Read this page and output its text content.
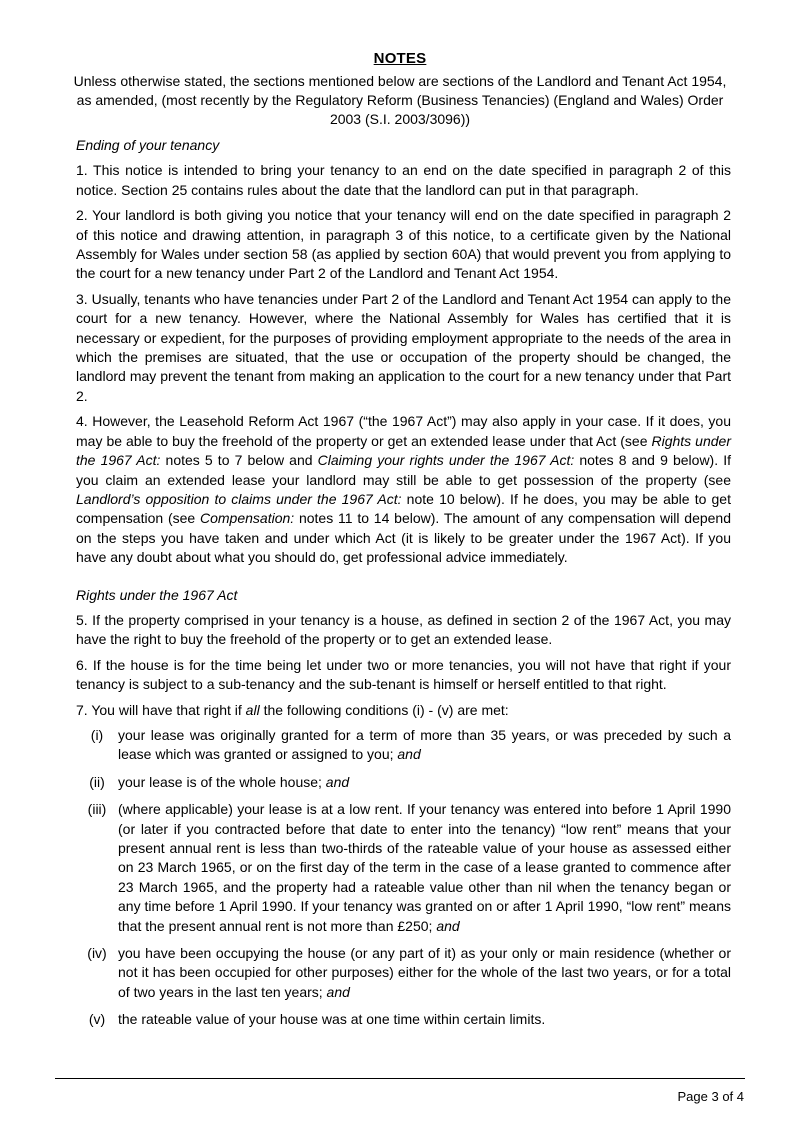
NOTES
Unless otherwise stated, the sections mentioned below are sections of the Landlord and Tenant Act 1954, as amended, (most recently by the Regulatory Reform (Business Tenancies) (England and Wales) Order 2003 (S.I. 2003/3096))

Ending of your tenancy

1. This notice is intended to bring your tenancy to an end on the date specified in paragraph 2 of this notice. Section 25 contains rules about the date that the landlord can put in that paragraph.

2. Your landlord is both giving you notice that your tenancy will end on the date specified in paragraph 2 of this notice and drawing attention, in paragraph 3 of this notice, to a certificate given by the National Assembly for Wales under section 58 (as applied by section 60A) that would prevent you from applying to the court for a new tenancy under Part 2 of the Landlord and Tenant Act 1954.

3. Usually, tenants who have tenancies under Part 2 of the Landlord and Tenant Act 1954 can apply to the court for a new tenancy. However, where the National Assembly for Wales has certified that it is necessary or expedient, for the purposes of providing employment appropriate to the needs of the area in which the premises are situated, that the use or occupation of the property should be changed, the landlord may prevent the tenant from making an application to the court for a new tenancy under that Part 2.

4. However, the Leasehold Reform Act 1967 (“the 1967 Act”) may also apply in your case. If it does, you may be able to buy the freehold of the property or get an extended lease under that Act (see Rights under the 1967 Act: notes 5 to 7 below and Claiming your rights under the 1967 Act: notes 8 and 9 below). If you claim an extended lease your landlord may still be able to get possession of the property (see Landlord’s opposition to claims under the 1967 Act: note 10 below). If he does, you may be able to get compensation (see Compensation: notes 11 to 14 below). The amount of any compensation will depend on the steps you have taken and under which Act (it is likely to be greater under the 1967 Act). If you have any doubt about what you should do, get professional advice immediately.

Rights under the 1967 Act

5. If the property comprised in your tenancy is a house, as defined in section 2 of the 1967 Act, you may have the right to buy the freehold of the property or to get an extended lease.

6. If the house is for the time being let under two or more tenancies, you will not have that right if your tenancy is subject to a sub-tenancy and the sub-tenant is himself or herself entitled to that right.

7. You will have that right if all the following conditions (i) - (v) are met:

(i)	your lease was originally granted for a term of more than 35 years, or was preceded by such a lease which was granted or assigned to you; and
(ii) your lease is of the whole house; and
(iii) (where applicable) your lease is at a low rent. If your tenancy was entered into before 1 April 1990 (or later if you contracted before that date to enter into the tenancy) “low rent” means that your present annual rent is less than two-thirds of the rateable value of your house as assessed either on 23 March 1965, or on the first day of the term in the case of a lease granted to commence after 23 March 1965, and the property had a rateable value other than nil when the tenancy began or any time before 1 April 1990. If your tenancy was granted on or after 1 April 1990, “low rent” means that the present annual rent is not more than £250; and
(iv) you have been occupying the house (or any part of it) as your only or main residence (whether or not it has been occupied for other purposes) either for the whole of the last two years, or for a total of two years in the last ten years; and
(v) the rateable value of your house was at one time within certain limits.
Page 3 of 4
